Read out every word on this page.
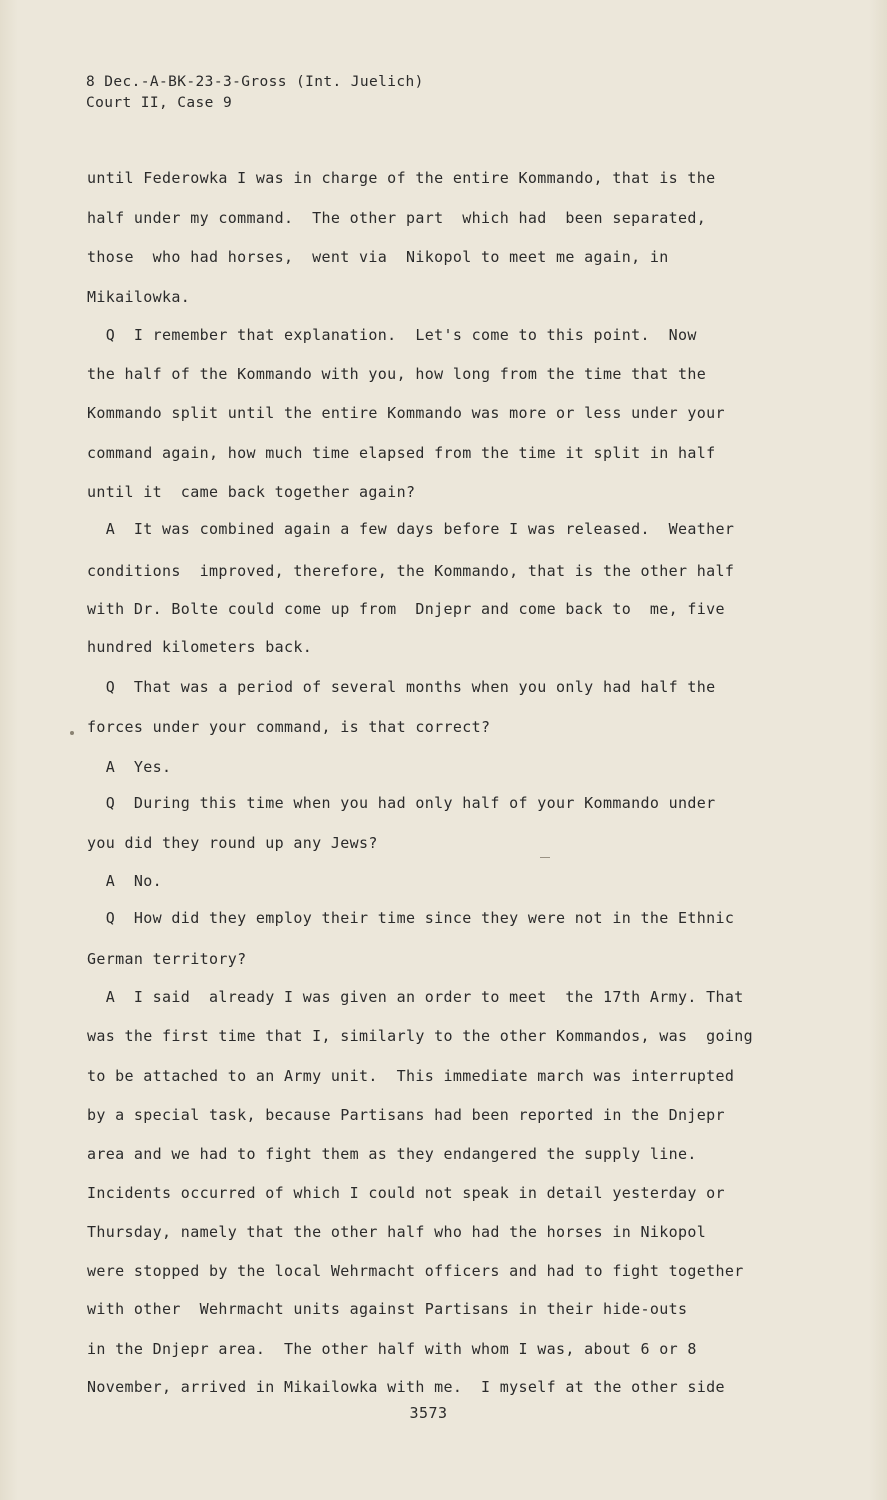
8 Dec.-A-BK-23-3-Gross (Int. Juelich)
Court II, Case 9
until Federowka I was in charge of the entire Kommando, that is the
half under my command.  The other part  which had  been separated,
those  who had horses,  went via  Nikopol to meet me again, in
Mikailowka.
Q  I remember that explanation.  Let's come to this point.  Now
the half of the Kommando with you, how long from the time that the
Kommando split until the entire Kommando was more or less under your
command again, how much time elapsed from the time it split in half
until it  came back together again?
A  It was combined again a few days before I was released.  Weather
conditions  improved, therefore, the Kommando, that is the other half
with Dr. Bolte could come up from  Dnjepr and come back to  me, five
hundred kilometers back.
Q  That was a period of several months when you only had half the
forces under your command, is that correct?
A  Yes.
Q  During this time when you had only half of your Kommando under
you did they round up any Jews?
A  No.
Q  How did they employ their time since they were not in the Ethnic
German territory?
A  I said  already I was given an order to meet  the 17th Army. That
was the first time that I, similarly to the other Kommandos, was  going
to be attached to an Army unit.  This immediate march was interrupted
by a special task, because Partisans had been reported in the Dnjepr
area and we had to fight them as they endangered the supply line.
Incidents occurred of which I could not speak in detail yesterday or
Thursday, namely that the other half who had the horses in Nikopol
were stopped by the local Wehrmacht officers and had to fight together
with other  Wehrmacht units against Partisans in their hide-outs
in the Dnjepr area.  The other half with whom I was, about 6 or 8
November, arrived in Mikailowka with me.  I myself at the other side
3573
